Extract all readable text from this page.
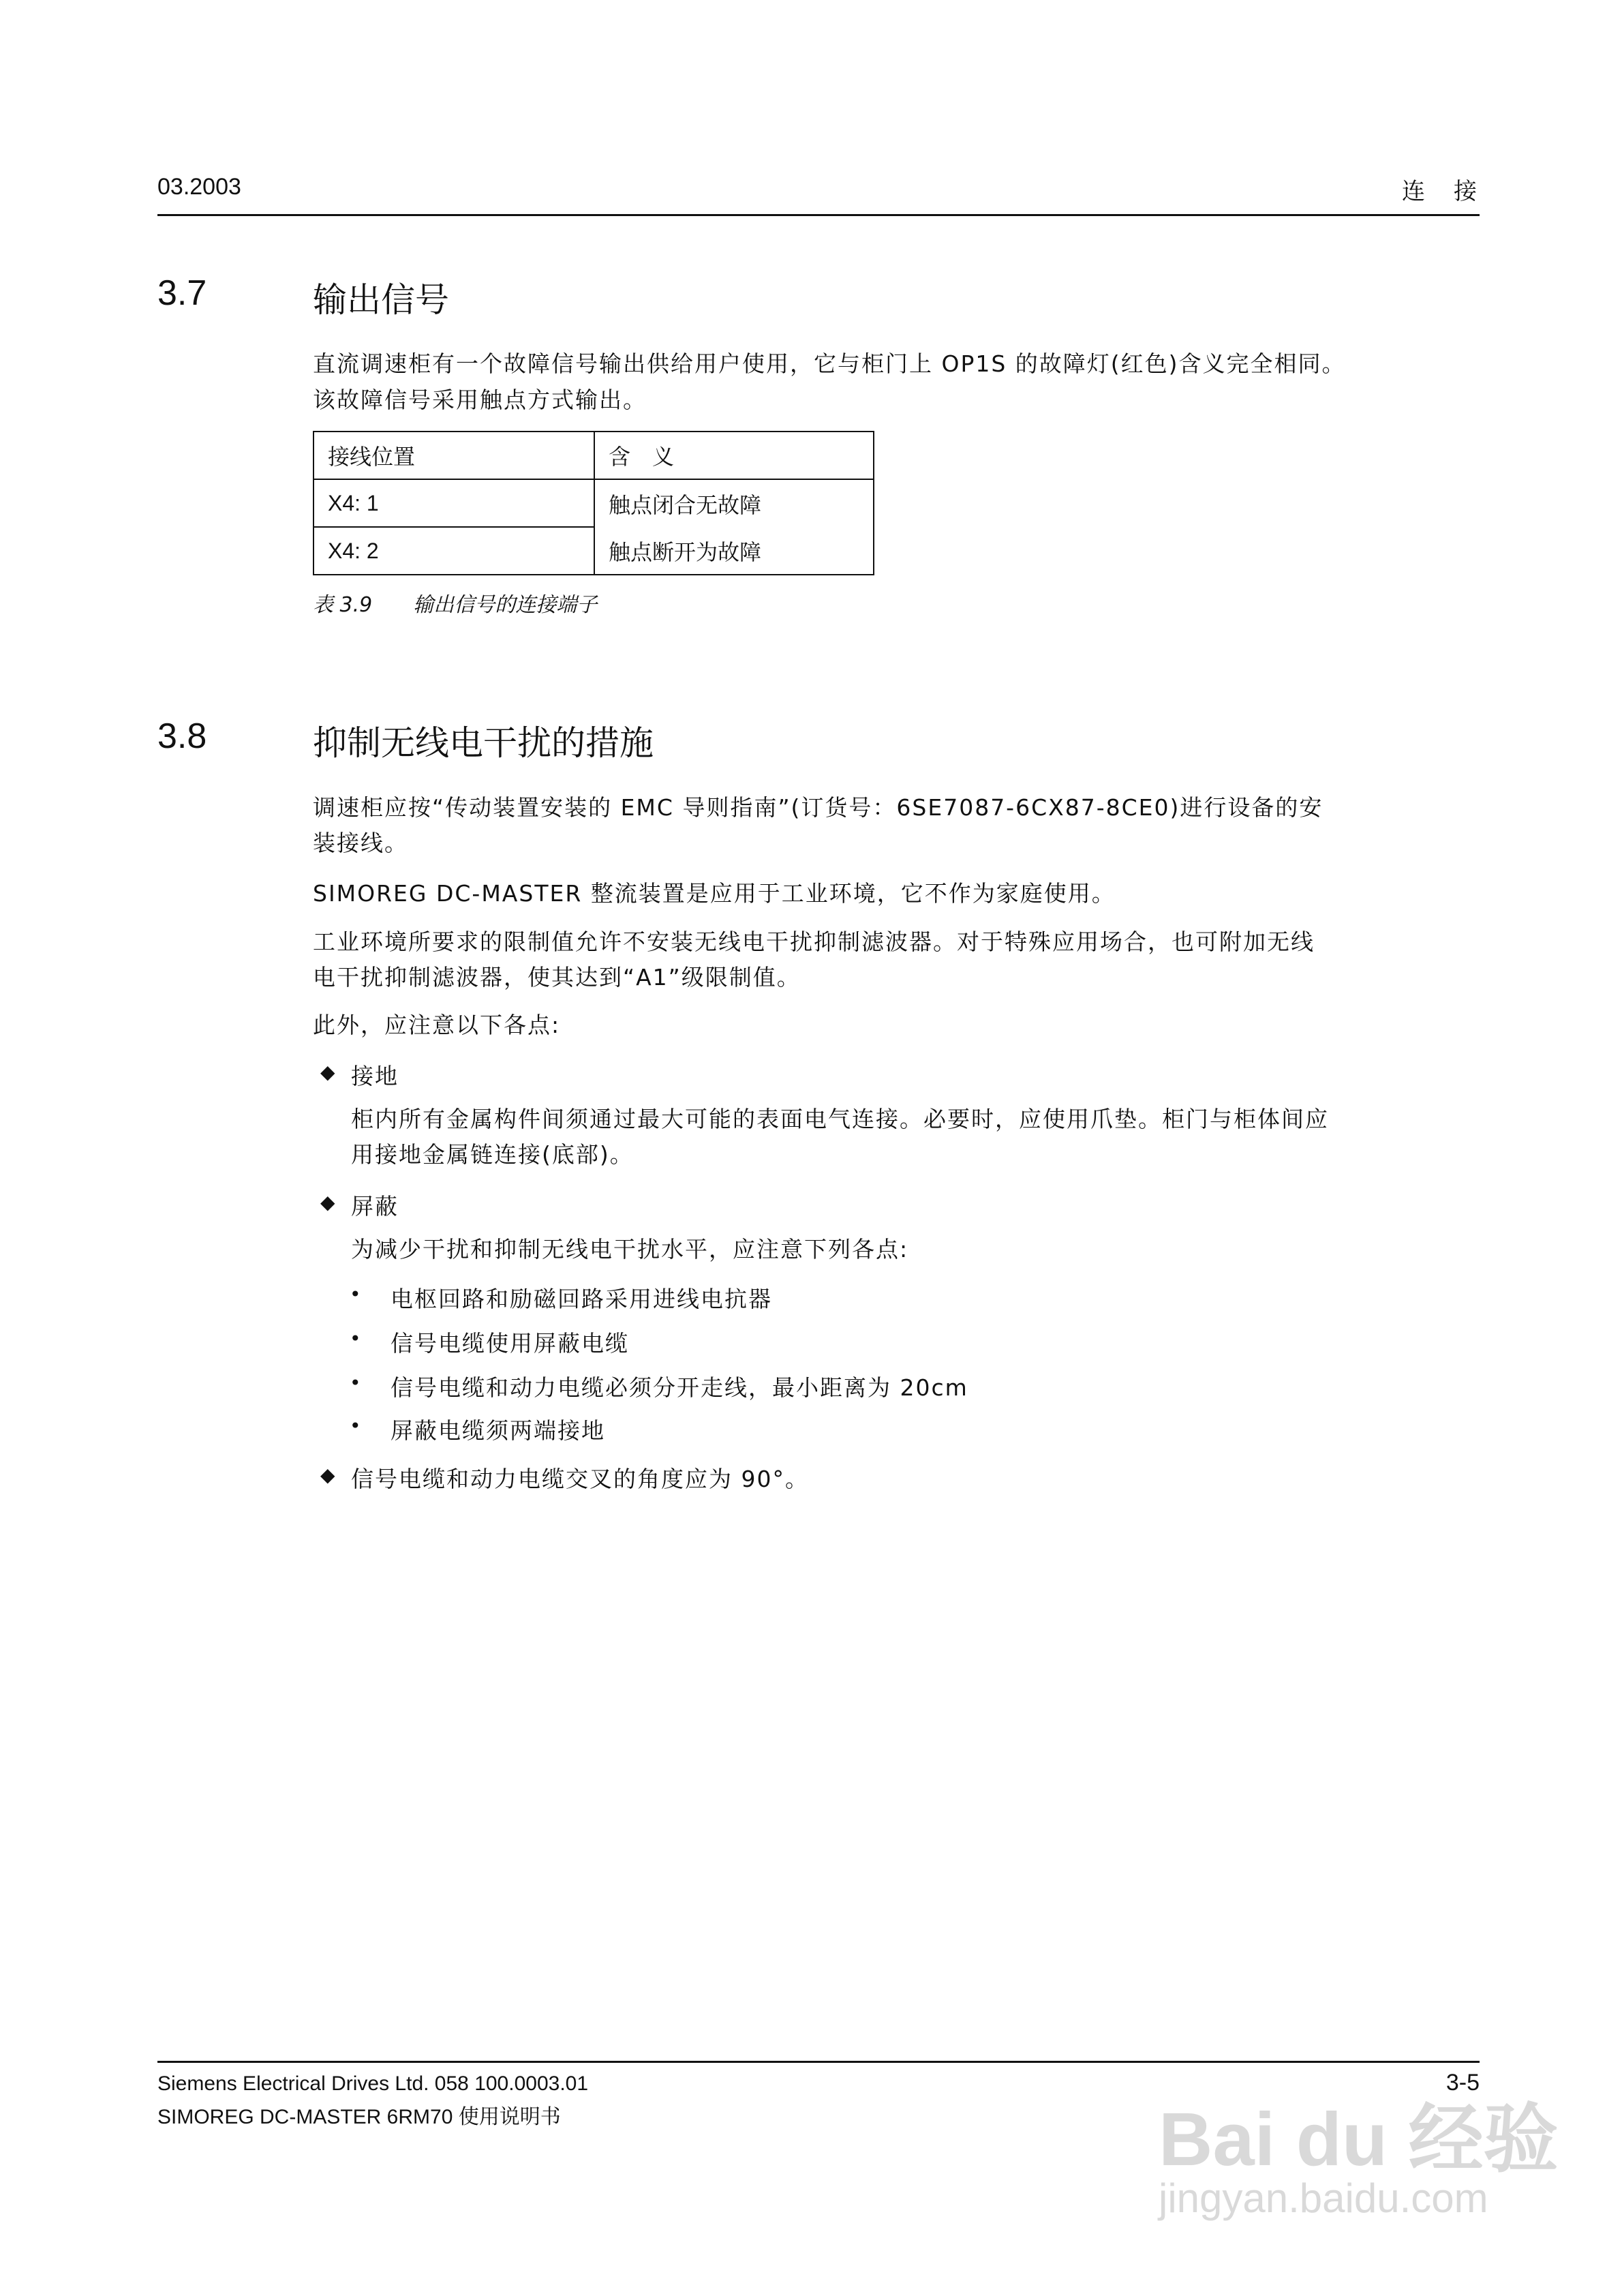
03.2003	连　接
3.7	输出信号
直流调速柜有一个故障信号输出供给用户使用，它与柜门上 OP1S 的故障灯(红色)含义完全相同。
该故障信号采用触点方式输出。
接线位置	含　义
X4: 1	触点闭合无故障
X4: 2	触点断开为故障
表 3.9　　输出信号的连接端子
3.8	抑制无线电干扰的措施
调速柜应按“传动装置安装的 EMC 导则指南”(订货号：6SE7087-6CX87-8CE0)进行设备的安
装接线。
SIMOREG DC-MASTER 整流装置是应用于工业环境，它不作为家庭使用。
工业环境所要求的限制值允许不安装无线电干扰抑制滤波器。对于特殊应用场合，也可附加无线
电干扰抑制滤波器，使其达到“A1”级限制值。
此外，应注意以下各点:
◆ 接地
柜内所有金属构件间须通过最大可能的表面电气连接。必要时，应使用爪垫。柜门与柜体间应
用接地金属链连接(底部)。
◆ 屏蔽
为减少干扰和抑制无线电干扰水平，应注意下列各点:
• 电枢回路和励磁回路采用进线电抗器
• 信号电缆使用屏蔽电缆
• 信号电缆和动力电缆必须分开走线，最小距离为 20cm
• 屏蔽电缆须两端接地
◆ 信号电缆和动力电缆交叉的角度应为 90°。
Siemens Electrical Drives Ltd. 058 100.0003.01
SIMOREG DC-MASTER 6RM70 使用说明书
3-5
Bai du 经验
jingyan.baidu.com
